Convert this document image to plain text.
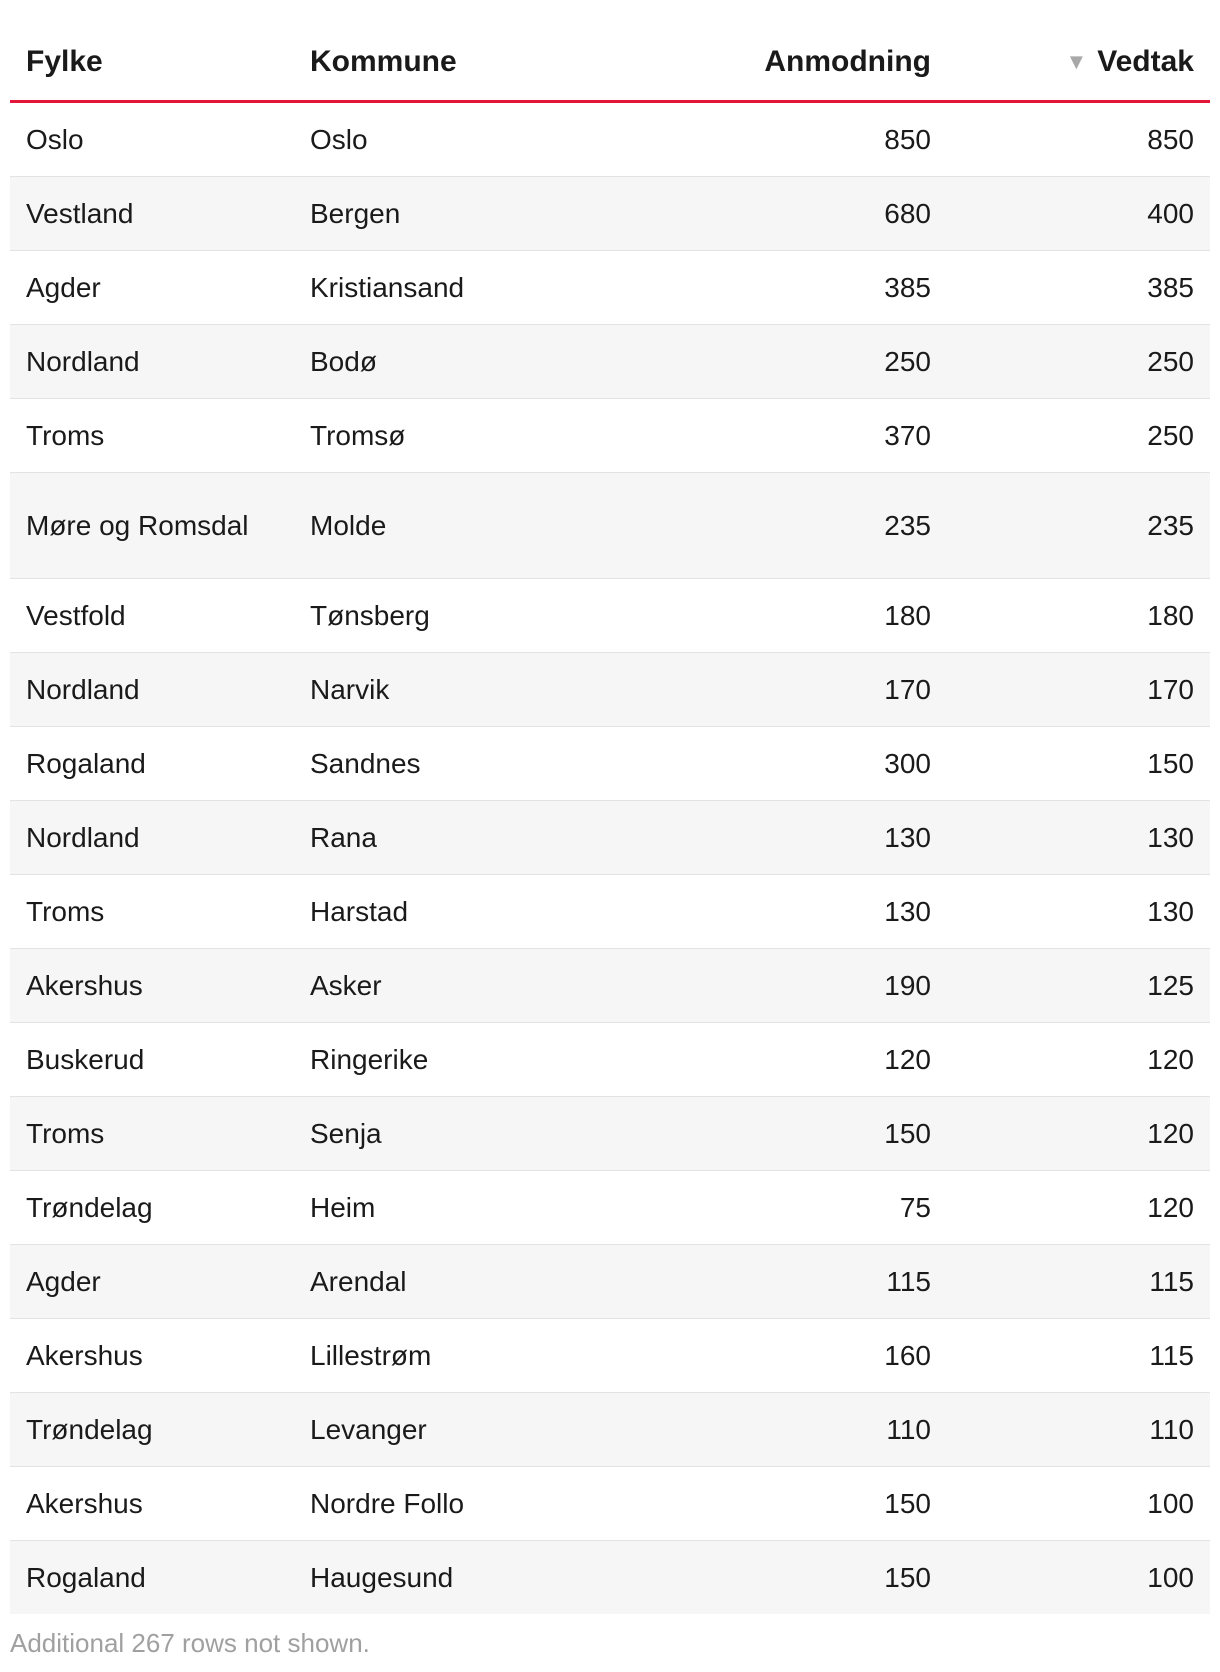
Fylke	Kommune	Anmodning	▼ Vedtak
Oslo	Oslo	850	850
Vestland	Bergen	680	400
Agder	Kristiansand	385	385
Nordland	Bodø	250	250
Troms	Tromsø	370	250
Møre og Romsdal	Molde	235	235
Vestfold	Tønsberg	180	180
Nordland	Narvik	170	170
Rogaland	Sandnes	300	150
Nordland	Rana	130	130
Troms	Harstad	130	130
Akershus	Asker	190	125
Buskerud	Ringerike	120	120
Troms	Senja	150	120
Trøndelag	Heim	75	120
Agder	Arendal	115	115
Akershus	Lillestrøm	160	115
Trøndelag	Levanger	110	110
Akershus	Nordre Follo	150	100
Rogaland	Haugesund	150	100
Additional 267 rows not shown.
